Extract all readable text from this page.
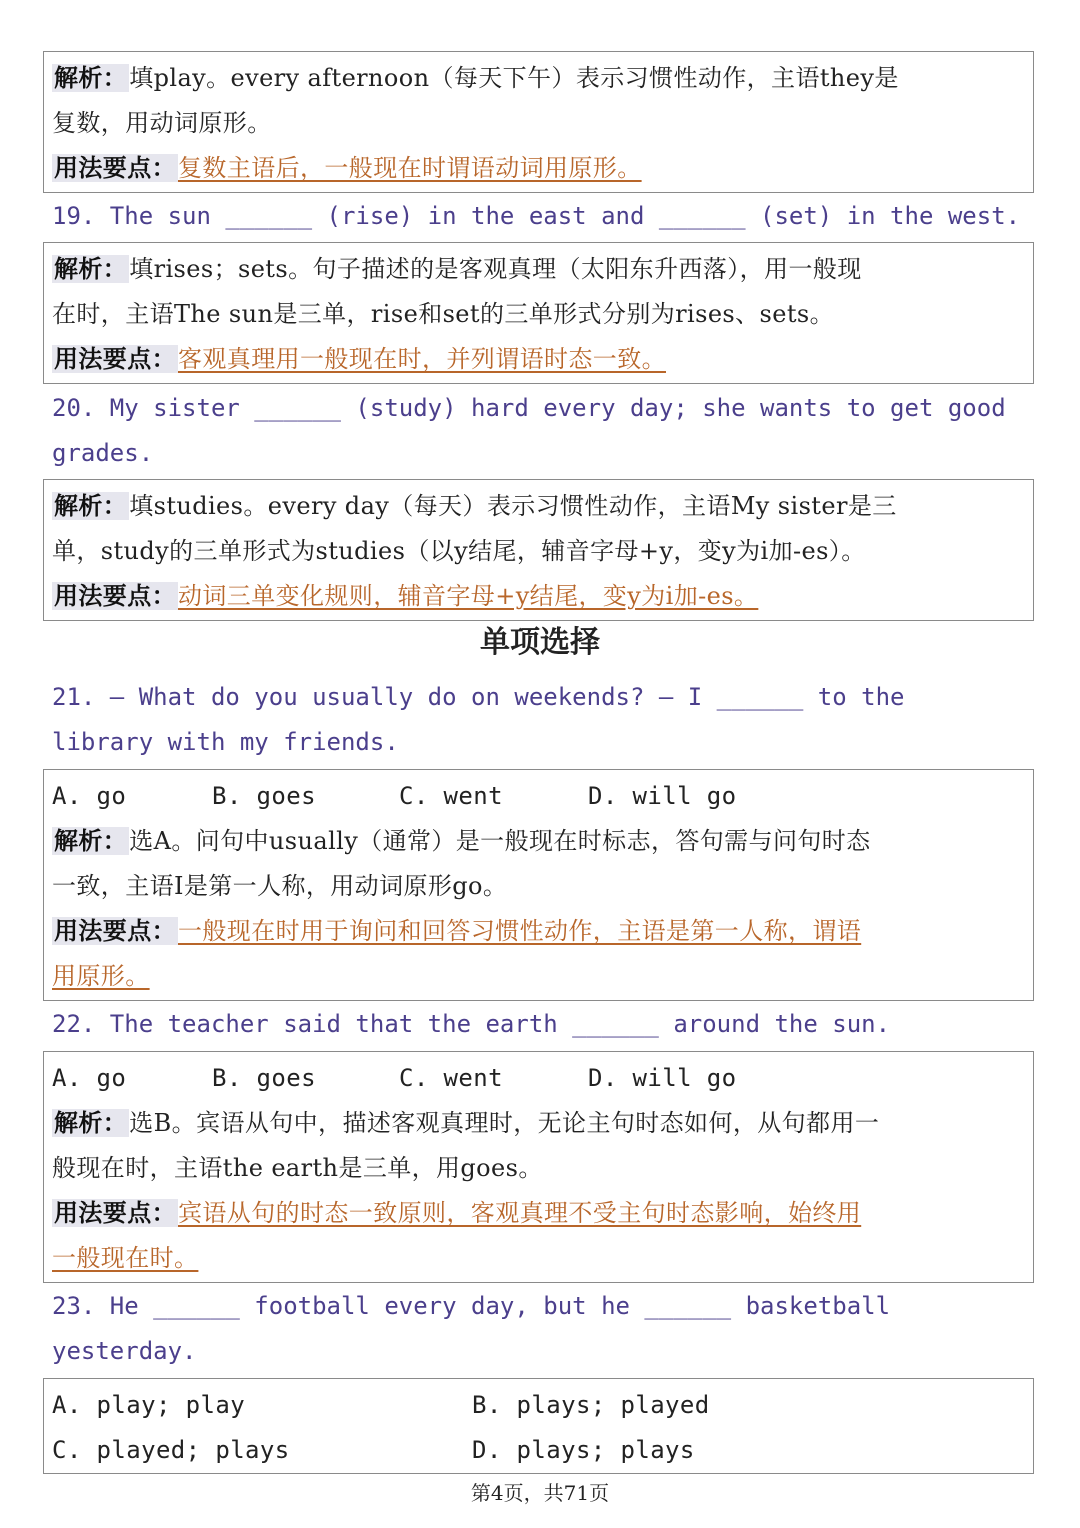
解析：填play。every afternoon（每天下午）表示习惯性动作，主语they是
复数，用动词原形。
用法要点：复数主语后，一般现在时谓语动词用原形。
19. The sun ______ (rise) in the east and ______ (set) in the west.
解析：填rises；sets。句子描述的是客观真理（太阳东升西落），用一般现
在时，主语The sun是三单，rise和set的三单形式分别为rises、sets。
用法要点：客观真理用一般现在时，并列谓语时态一致。
20. My sister ______ (study) hard every day; she wants to get good
grades.
解析：填studies。every day（每天）表示习惯性动作，主语My sister是三
单，study的三单形式为studies（以y结尾，辅音字母+y，变y为i加-es）。
用法要点：动词三单变化规则，辅音字母+y结尾，变y为i加-es。
单项选择
21. — What do you usually do on weekends? — I ______ to the
library with my friends.
A. go	B. goes	C. went	D. will go
解析：选A。问句中usually（通常）是一般现在时标志，答句需与问句时态
一致，主语I是第一人称，用动词原形go。
用法要点：一般现在时用于询问和回答习惯性动作，主语是第一人称，谓语
用原形。
22. The teacher said that the earth ______ around the sun.
A. go	B. goes	C. went	D. will go
解析：选B。宾语从句中，描述客观真理时，无论主句时态如何，从句都用一
般现在时，主语the earth是三单，用goes。
用法要点：宾语从句的时态一致原则，客观真理不受主句时态影响，始终用
一般现在时。
23. He ______ football every day, but he ______ basketball
yesterday.
A. play; play	B. plays; played
C. played; plays	D. plays; plays
第4页，共71页
